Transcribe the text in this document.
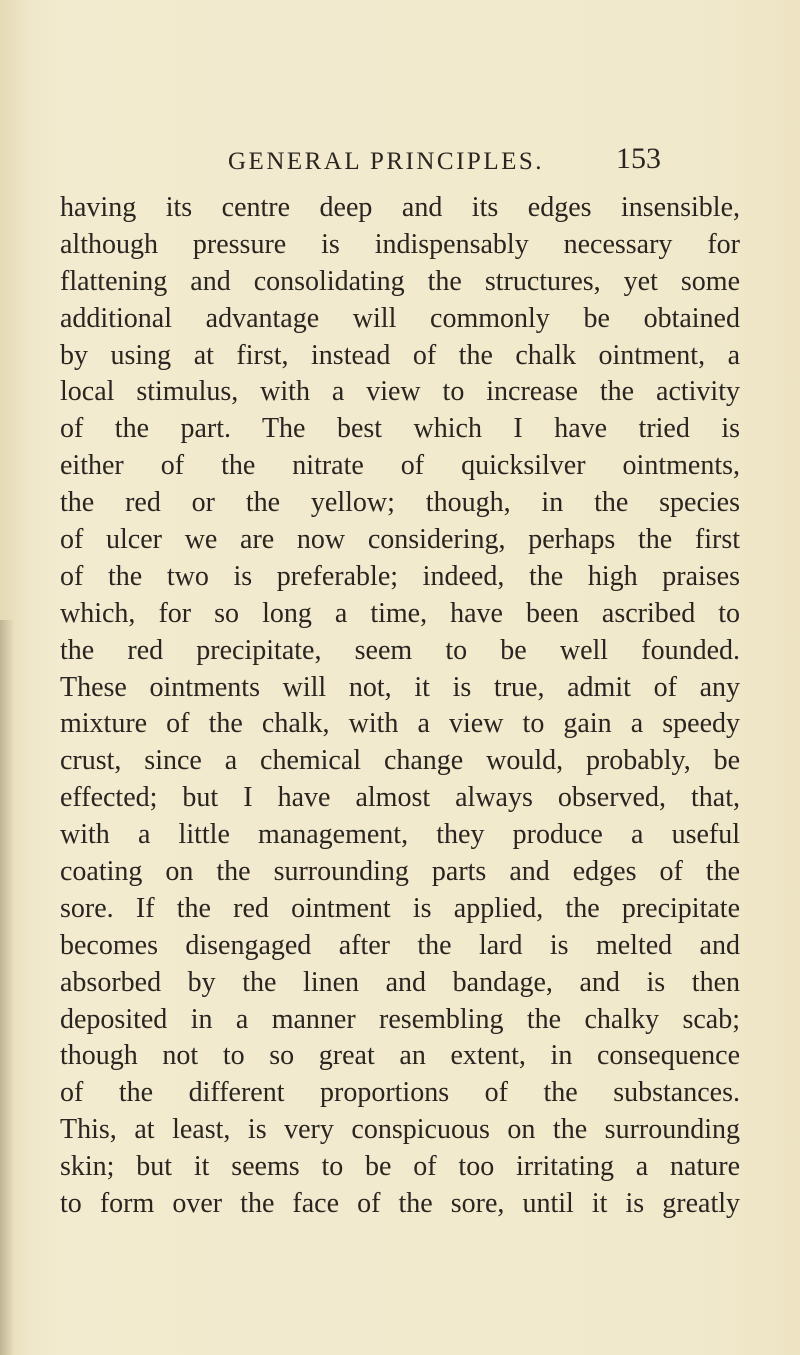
GENERAL PRINCIPLES. 153
having its centre deep and its edges insensible,
although pressure is indispensably necessary for
flattening and consolidating the structures, yet some
additional advantage will commonly be obtained
by using at first, instead of the chalk ointment, a
local stimulus, with a view to increase the activity
of the part. The best which I have tried is
either of the nitrate of quicksilver ointments,
the red or the yellow; though, in the species
of ulcer we are now considering, perhaps the first
of the two is preferable; indeed, the high praises
which, for so long a time, have been ascribed to
the red precipitate, seem to be well founded.
These ointments will not, it is true, admit of any
mixture of the chalk, with a view to gain a speedy
crust, since a chemical change would, probably, be
effected; but I have almost always observed, that,
with a little management, they produce a useful
coating on the surrounding parts and edges of the
sore. If the red ointment is applied, the precipitate
becomes disengaged after the lard is melted and
absorbed by the linen and bandage, and is then
deposited in a manner resembling the chalky scab;
though not to so great an extent, in consequence
of the different proportions of the substances.
This, at least, is very conspicuous on the surrounding
skin; but it seems to be of too irritating a nature
to form over the face of the sore, until it is greatly
